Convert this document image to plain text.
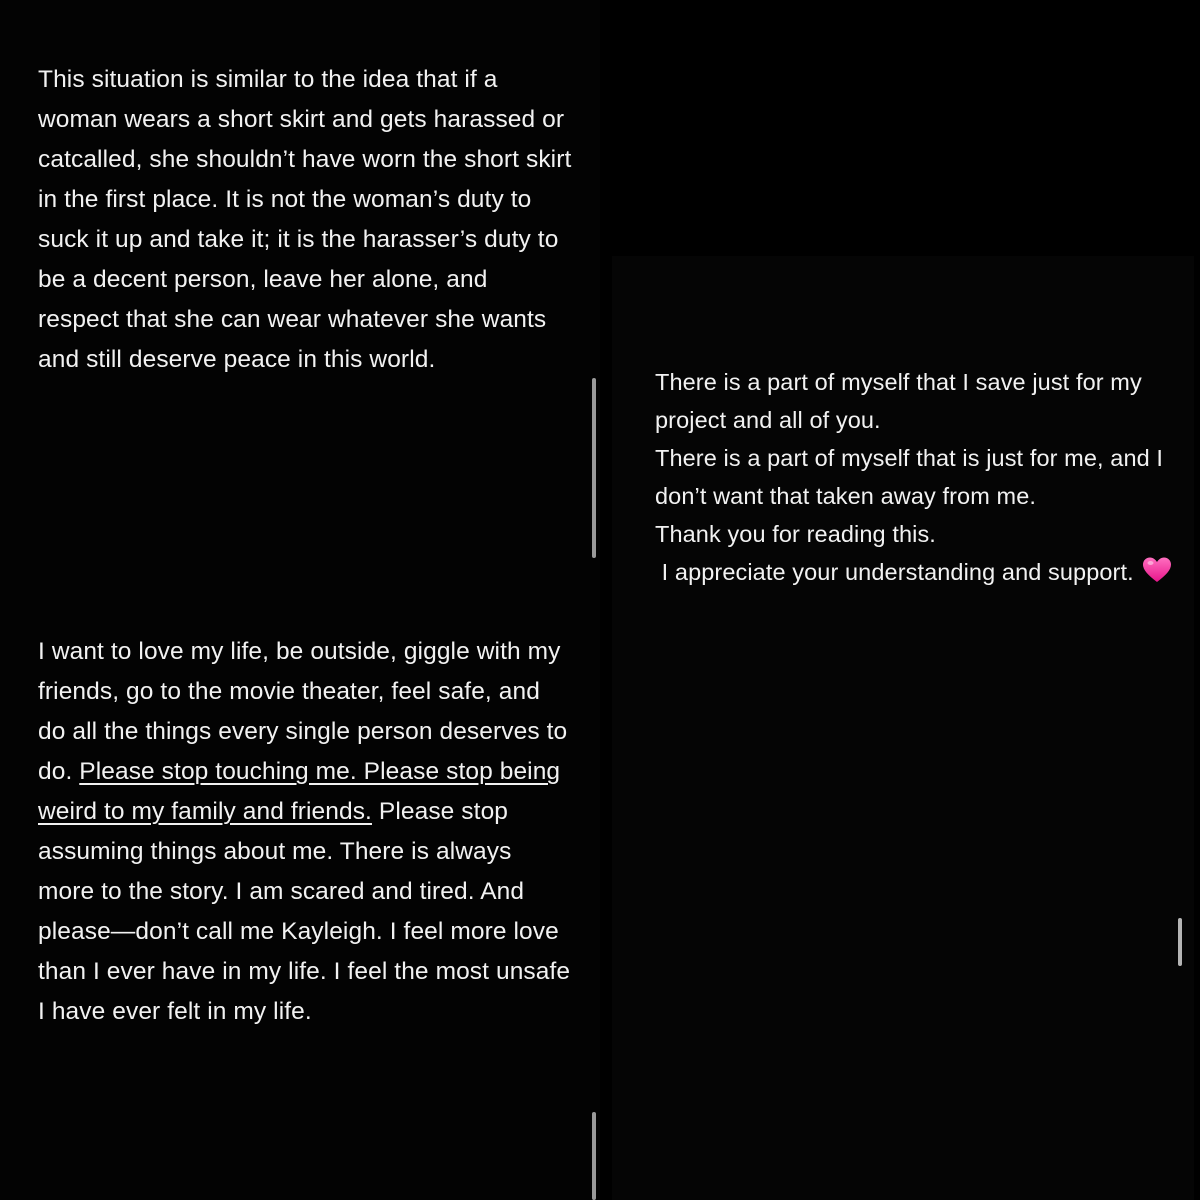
This situation is similar to the idea that if a woman wears a short skirt and gets harassed or catcalled, she shouldn’t have worn the short skirt in the first place. It is not the woman’s duty to suck it up and take it; it is the harasser’s duty to be a decent person, leave her alone, and respect that she can wear whatever she wants and still deserve peace in this world.

I want to love my life, be outside, giggle with my friends, go to the movie theater, feel safe, and do all the things every single person deserves to do. Please stop touching me. Please stop being weird to my family and friends. Please stop assuming things about me. There is always more to the story. I am scared and tired. And please—don’t call me Kayleigh. I feel more love than I ever have in my life. I feel the most unsafe I have ever felt in my life.

There is a part of myself that I save just for my project and all of you.
There is a part of myself that is just for me, and I don’t want that taken away from me.
Thank you for reading this.
I appreciate your understanding and support.
